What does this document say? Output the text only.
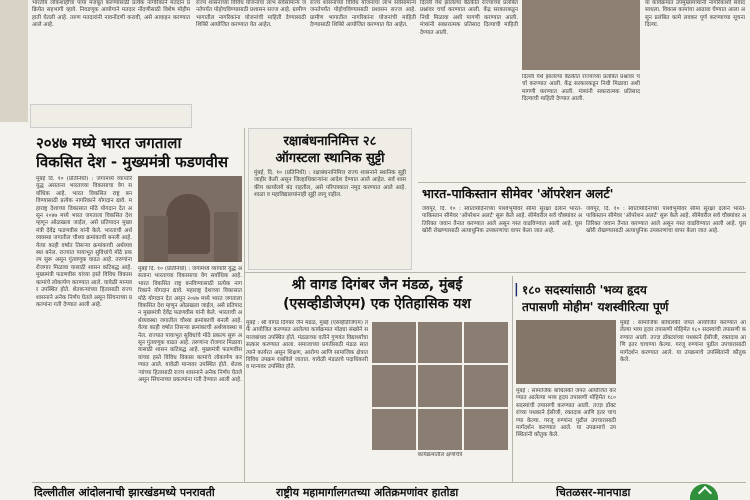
भारतीय लोकशाहीचा पाया मजबूत करण्यासाठी प्रत्येक नागरिकाने मतदान प्रक्रियेत सहभागी व्हावे. निवडणूक आयोगाने मतदार नोंदणीसाठी विशेष मोहीम हाती घेतली आहे. तरुण मतदारांनी नावनोंदणी करावी, असे आवाहन करण्यात आले आहे.
राज्य शासनाच्या विविध योजनांचा लाभ सर्वसामान्य जनतेपर्यंत पोहोचविण्यासाठी प्रशासन सज्ज आहे. ग्रामीण भागातील नागरिकांना योजनांची माहिती देण्यासाठी शिबिरे आयोजित करण्यात येत आहेत.
राज्य शासनाच्या विविध योजनांचा लाभ सर्वसामान्य जनतेपर्यंत पोहोचविण्यासाठी प्रशासन सज्ज आहे. ग्रामीण भागातील नागरिकांना योजनांची माहिती देण्यासाठी शिबिरे आयोजित करण्यात येत आहेत.
दिल्ली येथे झालेल्या बैठकीत राज्याच्या प्रलंबित प्रश्नांवर चर्चा करण्यात आली. केंद्र सरकारकडून निधी मिळावा अशी मागणी करण्यात आली. मंत्र्यांनी सकारात्मक प्रतिसाद दिल्याची माहिती देण्यात आली.
दिल्ली येथे झालेल्या बैठकीत राज्याच्या प्रलंबित प्रश्नांवर चर्चा करण्यात आली. केंद्र सरकारकडून निधी मिळावा अशी मागणी करण्यात आली. मंत्र्यांनी सकारात्मक प्रतिसाद दिल्याची माहिती देण्यात आली.
या कार्यक्रमात उपमुख्यमंत्र्यांनी नागरिकांशी संवाद साधला. विकास कामांचा आढावा घेण्यात आला असून प्रलंबित कामे लवकर पूर्ण करण्याच्या सूचना दिल्या.
२०४७ मध्ये भारत जगताला
विकसित देश - मुख्यमंत्री फडणवीस
मुंबई दि. १० (प्रतिनिधी) : जगामध्ये व्यापारि युद्ध असताना भारताच्या विकासाचा वेग सर्वाधिक आहे. भारत विकसित राष्ट्र बनविण्यासाठी प्रत्येक नागरिकाने योगदान द्यावे. महाराष्ट्र देशाच्या विकासात मोठे योगदान देत असून २०४७ मध्ये भारत जगताला विकसित देश म्हणून ओळखला जाईल, असे प्रतिपादन मुख्यमंत्री देवेंद्र फडणवीस यांनी केले. भारताची अर्थव्यवस्था जगातील चौथ्या क्रमांकाची बनली आहे. येत्या काही वर्षात तिसऱ्या क्रमांकाची अर्थव्यवस्था बनेल. राज्यात पायाभूत सुविधांचे मोठे प्रकल्प सुरू असून गुंतवणूक वाढत आहे. तरुणांना रोजगार मिळावा यासाठी शासन कटिबद्ध आहे. मुख्यमंत्री फडणवीस यांच्या हस्ते विविध विकास कामांचे लोकार्पण करण्यात आले. यावेळी मान्यवर उपस्थित होते. शेतकऱ्यांच्या हितासाठी राज्य शासनाने अनेक निर्णय घेतले असून सिंचनाच्या प्रकल्पांना गती देण्यात आली आहे.
मुंबई दि. १० (प्रतिनिधी) : जगामध्ये व्यापारि युद्ध असताना भारताच्या विकासाचा वेग सर्वाधिक आहे. भारत विकसित राष्ट्र बनविण्यासाठी प्रत्येक नागरिकाने योगदान द्यावे. महाराष्ट्र देशाच्या विकासात मोठे योगदान देत असून २०४७ मध्ये भारत जगताला विकसित देश म्हणून ओळखला जाईल, असे प्रतिपादन मुख्यमंत्री देवेंद्र फडणवीस यांनी केले. भारताची अर्थव्यवस्था जगातील चौथ्या क्रमांकाची बनली आहे. येत्या काही वर्षात तिसऱ्या क्रमांकाची अर्थव्यवस्था बनेल. राज्यात पायाभूत सुविधांचे मोठे प्रकल्प सुरू असून गुंतवणूक वाढत आहे. तरुणांना रोजगार मिळावा यासाठी शासन कटिबद्ध आहे. मुख्यमंत्री फडणवीस यांच्या हस्ते विविध विकास कामांचे लोकार्पण करण्यात आले. यावेळी मान्यवर उपस्थित होते. शेतकऱ्यांच्या हितासाठी राज्य शासनाने अनेक निर्णय घेतले असून सिंचनाच्या प्रकल्पांना गती देण्यात आली आहे.
रक्षाबंधनानिमित्त २८
ऑगस्टला स्थानिक सुट्टी
मुंबई, दि. १० (प्रतिनिधी) : रक्षाबंधनानिमित्त राज्य शासनाने स्थानिक सुट्टी जाहीर केली असून जिल्हाधिकाऱ्यांना आदेश देण्यात आले आहेत. सर्व शासकीय कार्यालये बंद राहतील, असे परिपत्रकात नमूद करण्यात आले आहे. शाळा व महाविद्यालयांनाही सुट्टी लागू राहील.	भारत-पाकिस्तान सीमेवर 'ऑपरेशन अलर्ट'
जयपूर, दि. १० : स्वातंत्र्यदिनाच्या पार्श्वभूमीवर सीमा सुरक्षा दलाने भारत-पाकिस्तान सीमेवर 'ऑपरेशन अलर्ट' सुरू केले आहे. सीमेवरील सर्व चौक्यांवर अतिरिक्त जवान तैनात करण्यात आले असून गस्त वाढविण्यात आली आहे. घुसखोरी रोखण्यासाठी अत्याधुनिक उपकरणांचा वापर केला जात आहे.
जयपूर, दि. १० : स्वातंत्र्यदिनाच्या पार्श्वभूमीवर सीमा सुरक्षा दलाने भारत-पाकिस्तान सीमेवर 'ऑपरेशन अलर्ट' सुरू केले आहे. सीमेवरील सर्व चौक्यांवर अतिरिक्त जवान तैनात करण्यात आले असून गस्त वाढविण्यात आली आहे. घुसखोरी रोखण्यासाठी अत्याधुनिक उपकरणांचा वापर केला जात आहे.
श्री वागड दिगंबर जैन मंडळ, मुंबई
(एसव्हीडीजेएम) एक ऐतिहासिक यश
मुंबई : श्री वागड दिगंबर जैन मंडळ, मुंबई (एसव्हीडीजेएम) तर्फे आयोजित करण्यात आलेल्या कार्यक्रमात मोठ्या संख्येने समाजबांधव उपस्थित होते. मंडळाच्या वतीने गुणवंत विद्यार्थ्यांचा सत्कार करण्यात आला. समाजाच्या प्रगतीसाठी मंडळ सातत्याने कार्यरत असून शिक्षण, आरोग्य आणि सामाजिक क्षेत्रात विविध उपक्रम राबविले जातात. यावेळी मंडळाचे पदाधिकारी व मान्यवर उपस्थित होते.
कार्यक्रमातील क्षणचित्रे
| १८० सदस्यांसाठी 'भव्य हृदय
तपासणी मोहीम' यशस्वीरित्या पूर्ण
मुंबई : सामाजिक बांधिलकी जपत आयोजित करण्यात आलेल्या भव्य हृदय तपासणी मोहिमेत १८० सदस्यांची तपासणी करण्यात आली. तज्ज्ञ डॉक्टरांच्या पथकाने ईसीजी, रक्तदाब आणि इतर चाचण्या केल्या. गरजू रुग्णांना पुढील उपचारासाठी मार्गदर्शन करण्यात आले. या उपक्रमाचे उपस्थितांनी कौतुक केले.
मुंबई : सामाजिक बांधिलकी जपत आयोजित करण्यात आलेल्या भव्य हृदय तपासणी मोहिमेत १८० सदस्यांची तपासणी करण्यात आली. तज्ज्ञ डॉक्टरांच्या पथकाने ईसीजी, रक्तदाब आणि इतर चाचण्या केल्या. गरजू रुग्णांना पुढील उपचारासाठी मार्गदर्शन करण्यात आले. या उपक्रमाचे उपस्थितांनी कौतुक केले.
दिल्लीतील आंदोलनाची झारखंडमध्ये पनरावती	राष्ट्रीय महामार्गालगतच्या अतिक्रमणांवर हातोडा	चितळसर-मानपाडा
